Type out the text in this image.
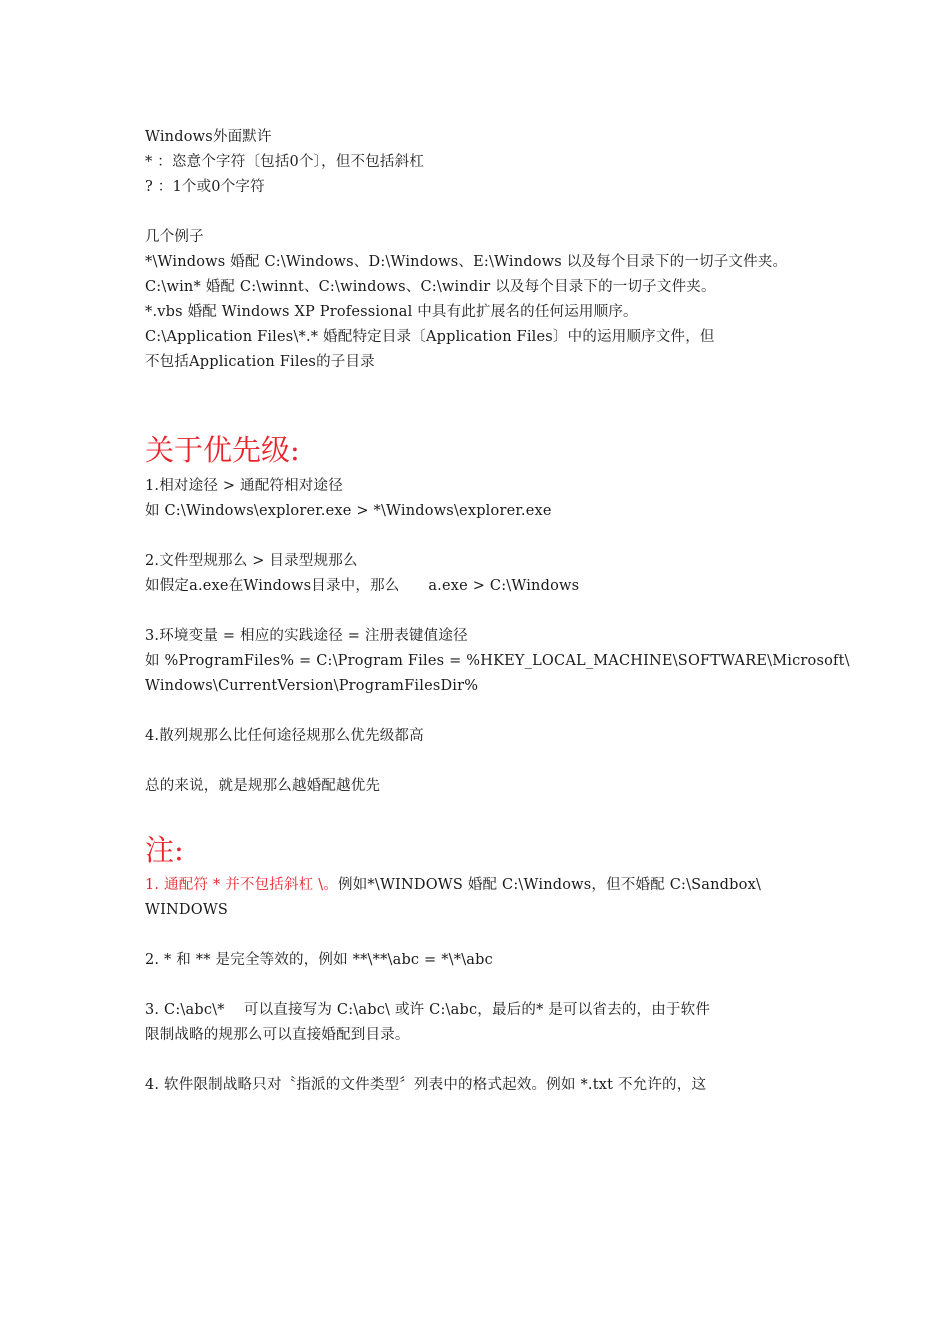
Windows外面默许
* ：恣意个字符〔包括0个〕，但不包括斜杠
? ：1个或0个字符
几个例子
*\Windows 婚配 C:\Windows、D:\Windows、E:\Windows 以及每个目录下的一切子文件夹。
C:\win* 婚配 C:\winnt、C:\windows、C:\windir 以及每个目录下的一切子文件夹。
*.vbs 婚配 Windows XP Professional 中具有此扩展名的任何运用顺序。
C:\Application Files\*.* 婚配特定目录〔Application Files〕中的运用顺序文件，但
不包括Application Files的子目录
关于优先级:
1.相对途径 > 通配符相对途径
如 C:\Windows\explorer.exe > *\Windows\explorer.exe
2.文件型规那么 > 目录型规那么
如假定a.exe在Windows目录中，那么      a.exe > C:\Windows
3.环境变量 = 相应的实践途径 = 注册表键值途径
如 %ProgramFiles% = C:\Program Files = %HKEY_LOCAL_MACHINE\SOFTWARE\Microsoft\
Windows\CurrentVersion\ProgramFilesDir%
4.散列规那么比任何途径规那么优先级都高
总的来说，就是规那么越婚配越优先
注:
1. 通配符 * 并不包括斜杠 \。例如*\WINDOWS 婚配 C:\Windows，但不婚配 C:\Sandbox\
WINDOWS
2. * 和 ** 是完全等效的，例如 **\**\abc = *\*\abc
3. C:\abc\*    可以直接写为 C:\abc\ 或许 C:\abc，最后的* 是可以省去的，由于软件
限制战略的规那么可以直接婚配到目录。
4. 软件限制战略只对〝指派的文件类型〞列表中的格式起效。例如 *.txt 不允许的，这
